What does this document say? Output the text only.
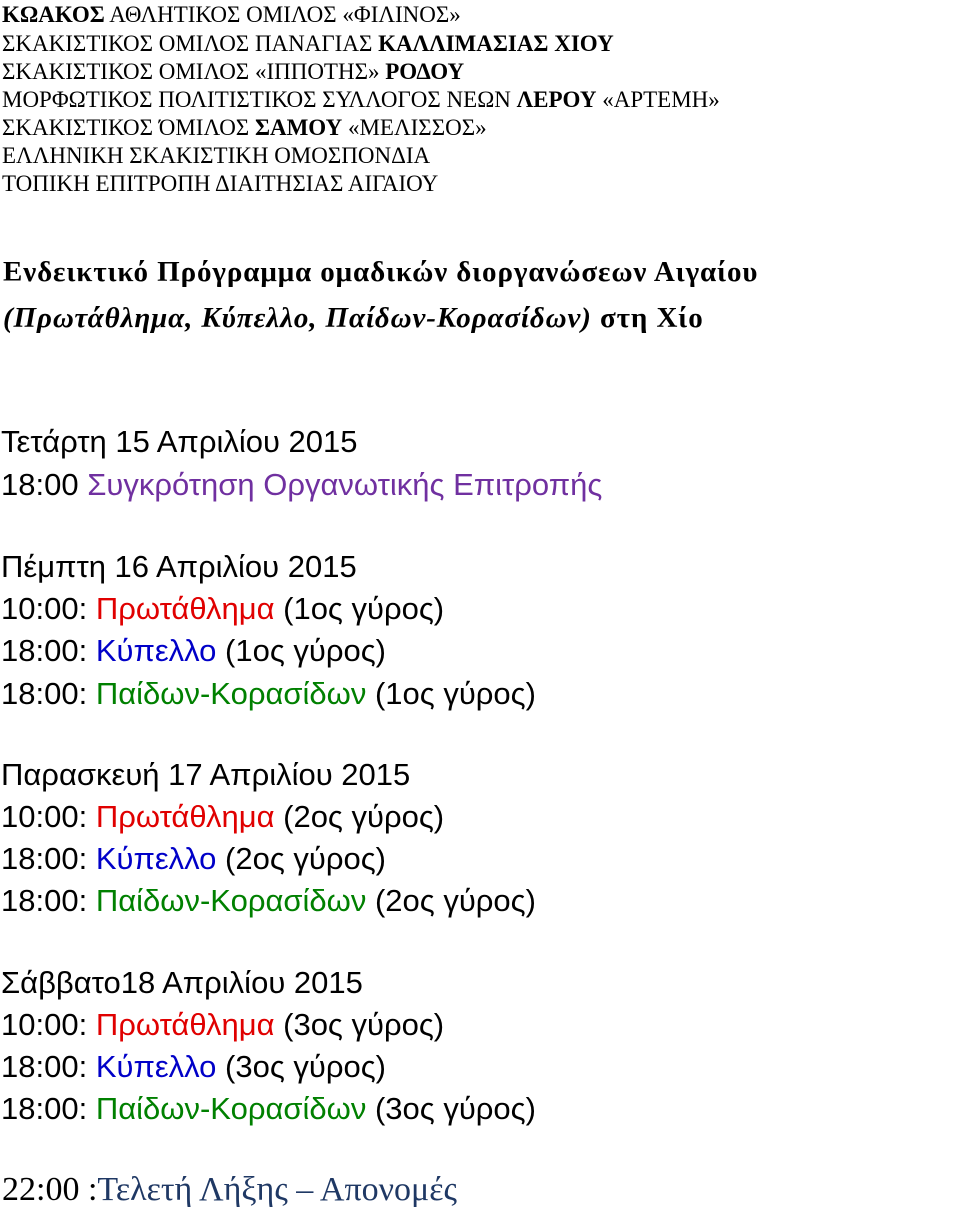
ΚΩΑΚΟΣ ΑΘΛΗΤΙΚΟΣ ΟΜΙΛΟΣ «ΦΙΛΙΝΟΣ»
ΣΚΑΚΙΣΤΙΚΟΣ ΟΜΙΛΟΣ ΠΑΝΑΓΙΑΣ ΚΑΛΛΙΜΑΣΙΑΣ ΧΙΟΥ
ΣΚΑΚΙΣΤΙΚΟΣ ΟΜΙΛΟΣ «ΙΠΠΟΤΗΣ» ΡΟΔΟΥ
ΜΟΡΦΩΤΙΚΟΣ ΠΟΛΙΤΙΣΤΙΚΟΣ ΣΥΛΛΟΓΟΣ ΝΕΩΝ ΛΕΡΟΥ «ΑΡΤΕΜΗ»
ΣΚΑΚΙΣΤΙΚΟΣ ΌΜΙΛΟΣ ΣΑΜΟΥ «ΜΕΛΙΣΣΟΣ»
ΕΛΛΗΝΙΚΗ ΣΚΑΚΙΣΤΙΚΗ ΟΜΟΣΠΟΝΔΙΑ
ΤΟΠΙΚΗ ΕΠΙΤΡΟΠΗ ΔΙΑΙΤΗΣΙΑΣ ΑΙΓΑΙΟΥ
Ενδεικτικό Πρόγραμμα ομαδικών διοργανώσεων Αιγαίου
(Πρωτάθλημα, Κύπελλο, Παίδων-Κορασίδων) στη Χίο
Τετάρτη 15 Απριλίου 2015
18:00 Συγκρότηση Οργανωτικής Επιτροπής
Πέμπτη 16 Απριλίου 2015
10:00: Πρωτάθλημα (1ος γύρος)
18:00: Κύπελλο (1ος γύρος)
18:00: Παίδων-Κορασίδων (1ος γύρος)
Παρασκευή 17 Απριλίου 2015
10:00: Πρωτάθλημα (2ος γύρος)
18:00: Κύπελλο (2ος γύρος)
18:00: Παίδων-Κορασίδων (2ος γύρος)
Σάββατο18 Απριλίου 2015
10:00: Πρωτάθλημα (3ος γύρος)
18:00: Κύπελλο (3ος γύρος)
18:00: Παίδων-Κορασίδων (3ος γύρος)
22:00 :Τελετή Λήξης – Απονομές
